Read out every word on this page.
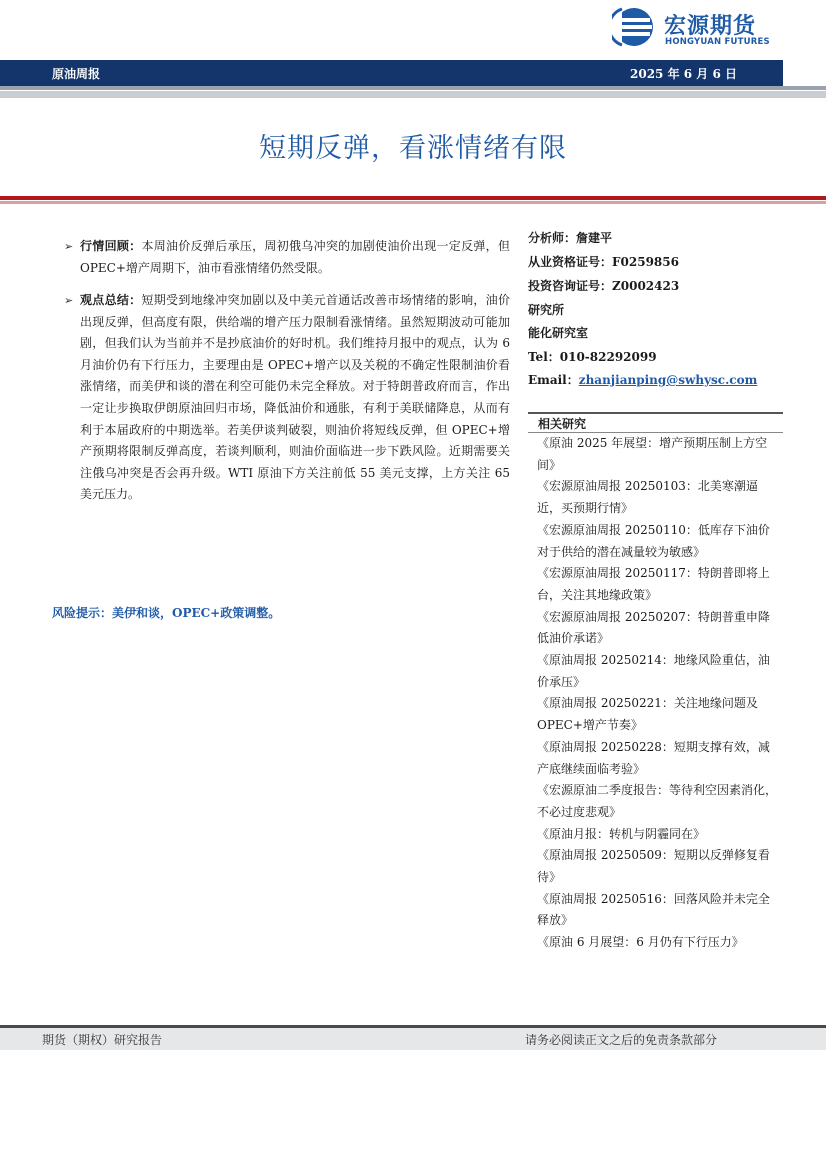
宏源期货
HONGYUAN FUTURES
原油周报	2025 年 6 月 6 日
短期反弹，看涨情绪有限
➢ 行情回顾：本周油价反弹后承压，周初俄乌冲突的加剧使油价出现一定反弹，但 OPEC+增产周期下，油市看涨情绪仍然受限。
➢ 观点总结：短期受到地缘冲突加剧以及中美元首通话改善市场情绪的影响，油价出现反弹，但高度有限，供给端的增产压力限制看涨情绪。虽然短期波动可能加剧，但我们认为当前并不是抄底油价的好时机。我们维持月报中的观点，认为 6 月油价仍有下行压力，主要理由是 OPEC+增产以及关税的不确定性限制油价看涨情绪，而美伊和谈的潜在利空可能仍未完全释放。对于特朗普政府而言，作出一定让步换取伊朗原油回归市场，降低油价和通胀，有利于美联储降息，从而有利于本届政府的中期选举。若美伊谈判破裂，则油价将短线反弹，但 OPEC+增产预期将限制反弹高度，若谈判顺利，则油价面临进一步下跌风险。近期需要关注俄乌冲突是否会再升级。WTI 原油下方关注前低 55 美元支撑，上方关注 65 美元压力。
风险提示：美伊和谈，OPEC+政策调整。
分析师：詹建平
从业资格证号：F0259856
投资咨询证号：Z0002423
研究所
能化研究室
Tel：010-82292099
Email：zhanjianping@swhysc.com
相关研究
《原油 2025 年展望：增产预期压制上方空间》
《宏源原油周报 20250103：北美寒潮逼近，买预期行情》
《宏源原油周报 20250110：低库存下油价对于供给的潜在减量较为敏感》
《宏源原油周报 20250117：特朗普即将上台，关注其地缘政策》
《宏源原油周报 20250207：特朗普重申降低油价承诺》
《原油周报 20250214：地缘风险重估，油价承压》
《原油周报 20250221：关注地缘问题及 OPEC+增产节奏》
《原油周报 20250228：短期支撑有效，减产底继续面临考验》
《宏源原油二季度报告：等待利空因素消化，不必过度悲观》
《原油月报：转机与阴霾同在》
《原油周报 20250509：短期以反弹修复看待》
《原油周报 20250516：回落风险并未完全释放》
《原油 6 月展望：6 月仍有下行压力》
期货（期权）研究报告	请务必阅读正文之后的免责条款部分
